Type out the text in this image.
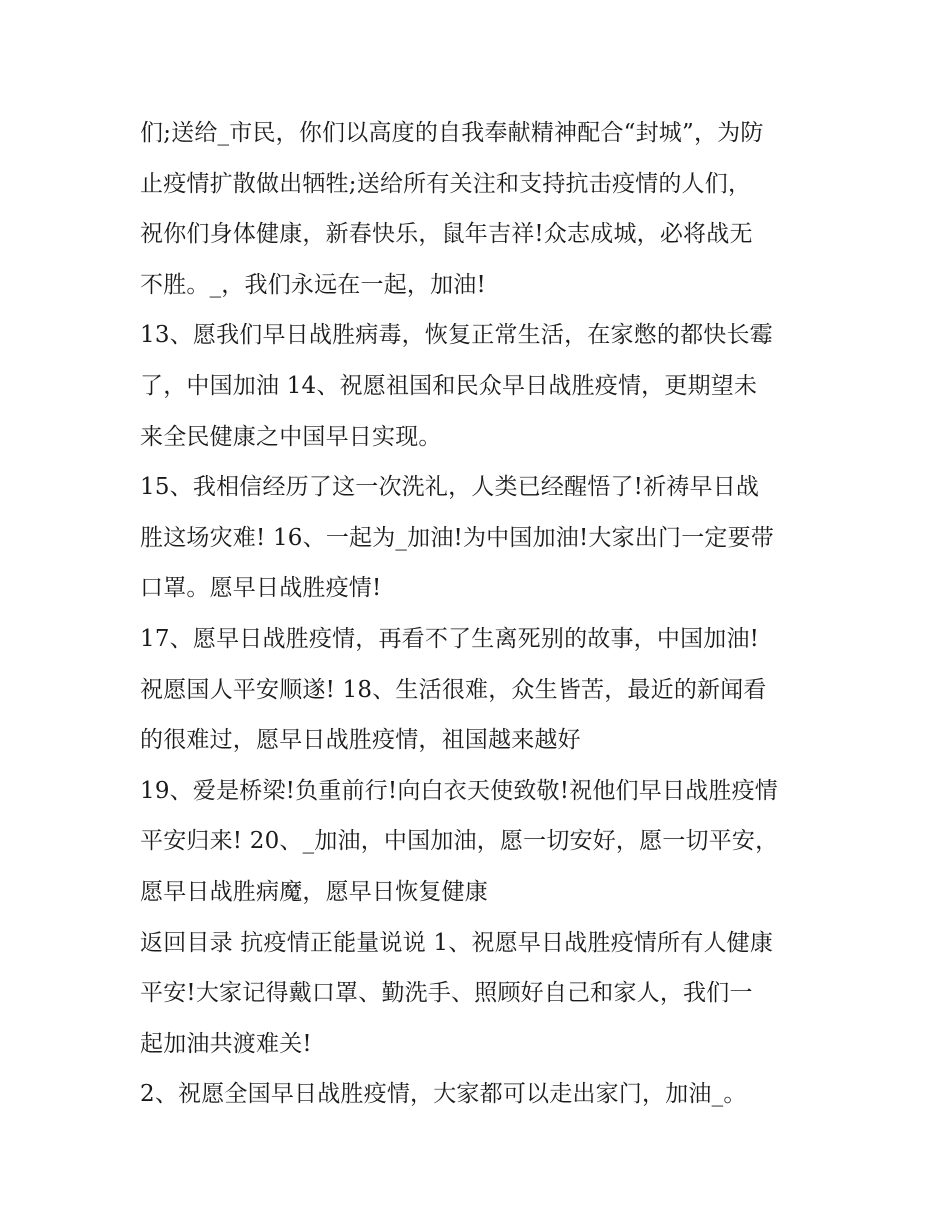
们;送给_市民，你们以高度的自我奉献精神配合“封城”，为防
止疫情扩散做出牺牲;送给所有关注和支持抗击疫情的人们，
祝你们身体健康，新春快乐，鼠年吉祥!众志成城，必将战无
不胜。_，我们永远在一起，加油!
13、愿我们早日战胜病毒，恢复正常生活，在家憋的都快长霉
了，中国加油 14、祝愿祖国和民众早日战胜疫情，更期望未
来全民健康之中国早日实现。
15、我相信经历了这一次洗礼，人类已经醒悟了!祈祷早日战
胜这场灾难! 16、一起为_加油!为中国加油!大家出门一定要带
口罩。愿早日战胜疫情!
17、愿早日战胜疫情，再看不了生离死别的故事，中国加油!
祝愿国人平安顺遂! 18、生活很难，众生皆苦，最近的新闻看
的很难过，愿早日战胜疫情，祖国越来越好
19、爱是桥梁!负重前行!向白衣天使致敬!祝他们早日战胜疫情
平安归来! 20、_加油，中国加油，愿一切安好，愿一切平安，
愿早日战胜病魔，愿早日恢复健康
返回目录 抗疫情正能量说说 1、祝愿早日战胜疫情所有人健康
平安!大家记得戴口罩、勤洗手、照顾好自己和家人，我们一
起加油共渡难关!
2、祝愿全国早日战胜疫情，大家都可以走出家门，加油_。
